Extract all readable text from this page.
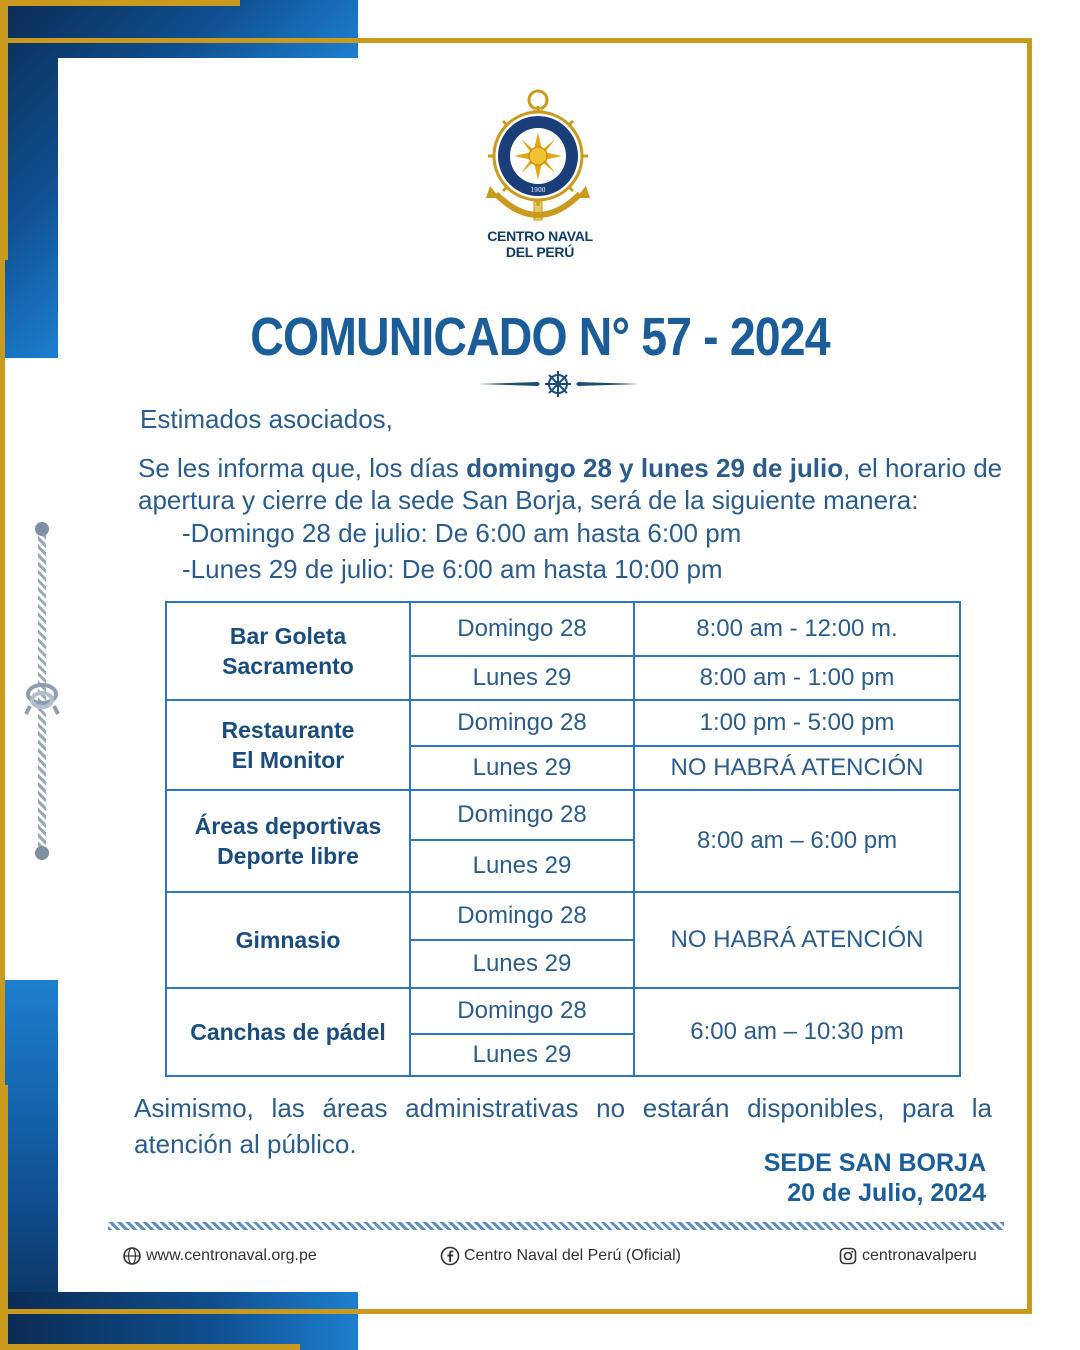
1900
CENTRO NAVAL
DEL PERÚ
COMUNICADO N° 57 - 2024
Estimados asociados,
Se les informa que, los días domingo 28 y lunes 29 de julio, el horario de apertura y cierre de la sede San Borja, será de la siguiente manera:
-Domingo 28 de julio: De 6:00 am hasta 6:00 pm
-Lunes 29 de julio: De 6:00 am hasta 10:00 pm
Bar Goleta
Sacramento	Domingo 28	8:00 am - 12:00 m.
	Lunes 29	8:00 am - 1:00 pm
Restaurante
El Monitor	Domingo 28	1:00 pm - 5:00 pm
	Lunes 29	NO HABRÁ ATENCIÓN
Áreas deportivas
Deporte libre	Domingo 28	8:00 am – 6:00 pm
	Lunes 29	
Gimnasio	Domingo 28	NO HABRÁ ATENCIÓN
	Lunes 29	
Canchas de pádel	Domingo 28	6:00 am – 10:30 pm
	Lunes 29	
Asimismo, las áreas administrativas no estarán disponibles, para la atención al público.
SEDE SAN BORJA
20 de Julio, 2024
www.centronaval.org.pe	Centro Naval del Perú (Oficial)	centronavalperu
